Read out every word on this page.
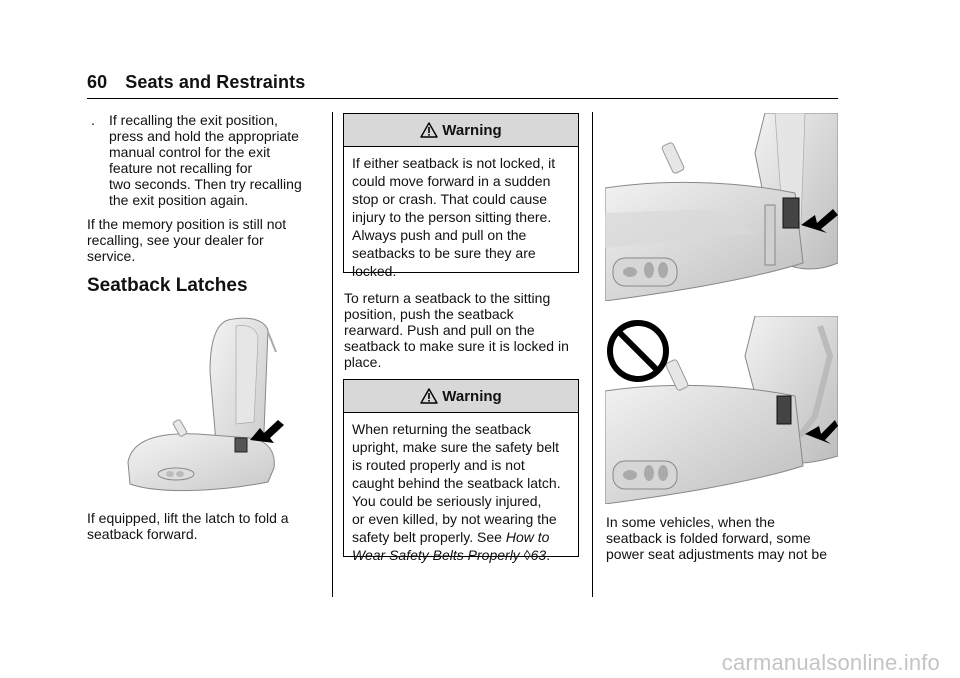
60 Seats and Restraints
.	If recalling the exit position,
press and hold the appropriate
manual control for the exit
feature not recalling for
two seconds. Then try recalling
the exit position again.
If the memory position is still not
recalling, see your dealer for
service.
Seatback Latches
If equipped, lift the latch to fold a
seatback forward.
Warning
If either seatback is not locked, it
could move forward in a sudden
stop or crash. That could cause
injury to the person sitting there.
Always push and pull on the
seatbacks to be sure they are
locked.
To return a seatback to the sitting
position, push the seatback
rearward. Push and pull on the
seatback to make sure it is locked in
place.
Warning
When returning the seatback
upright, make sure the safety belt
is routed properly and is not
caught behind the seatback latch.
You could be seriously injured,
or even killed, by not wearing the
safety belt properly. See How to
Wear Safety Belts Properly ◊63.
In some vehicles, when the
seatback is folded forward, some
power seat adjustments may not be
carmanualsonline.info
